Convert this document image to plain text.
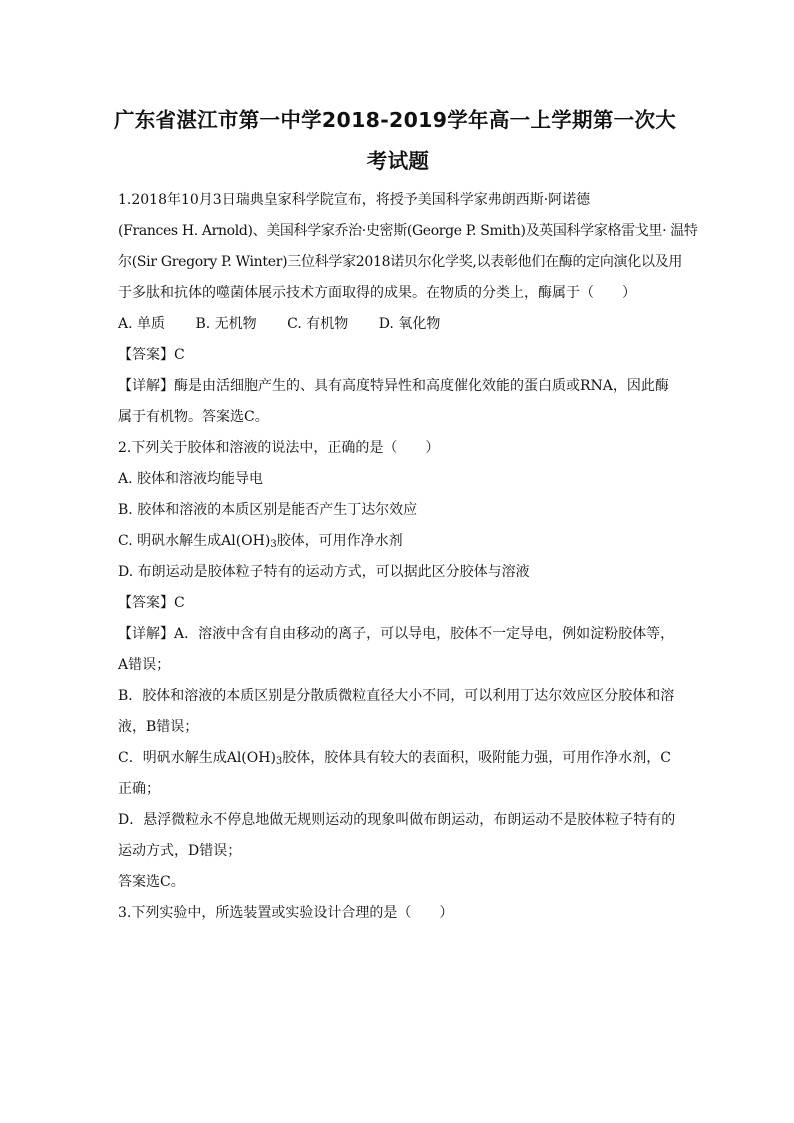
广东省湛江市第一中学2018-2019学年高一上学期第一次大
考试题

1.2018年10月3日瑞典皇家科学院宣布，将授予美国科学家弗朗西斯·阿诺德

(Frances H. Arnold)、美国科学家乔治·史密斯(George P. Smith)及英国科学家格雷戈里· 温特

尔(Sir Gregory P. Winter)三位科学家2018诺贝尔化学奖,以表彰他们在酶的定向演化以及用

于多肽和抗体的噬菌体展示技术方面取得的成果。在物质的分类上，酶属于（　　）

A. 单质 B. 无机物 C. 有机物 D. 氧化物

【答案】C

【详解】酶是由活细胞产生的、具有高度特异性和高度催化效能的蛋白质或RNA，因此酶

属于有机物。答案选C。

2.下列关于胶体和溶液的说法中，正确的是（　　）

A. 胶体和溶液均能导电

B. 胶体和溶液的本质区别是能否产生丁达尔效应

C. 明矾水解生成$Al(OH)_3$胶体，可用作净水剂

D. 布朗运动是胶体粒子特有的运动方式，可以据此区分胶体与溶液

【答案】C

【详解】A．溶液中含有自由移动的离子，可以导电，胶体不一定导电，例如淀粉胶体等，

A错误；

B．胶体和溶液的本质区别是分散质微粒直径大小不同，可以利用丁达尔效应区分胶体和溶

液，B错误；

C．明矾水解生成$Al(OH)_3$胶体，胶体具有较大的表面积，吸附能力强，可用作净水剂，C

正确；

D．悬浮微粒永不停息地做无规则运动的现象叫做布朗运动，布朗运动不是胶体粒子特有的

运动方式，D错误；

答案选C。

3.下列实验中，所选装置或实验设计合理的是（　　）
